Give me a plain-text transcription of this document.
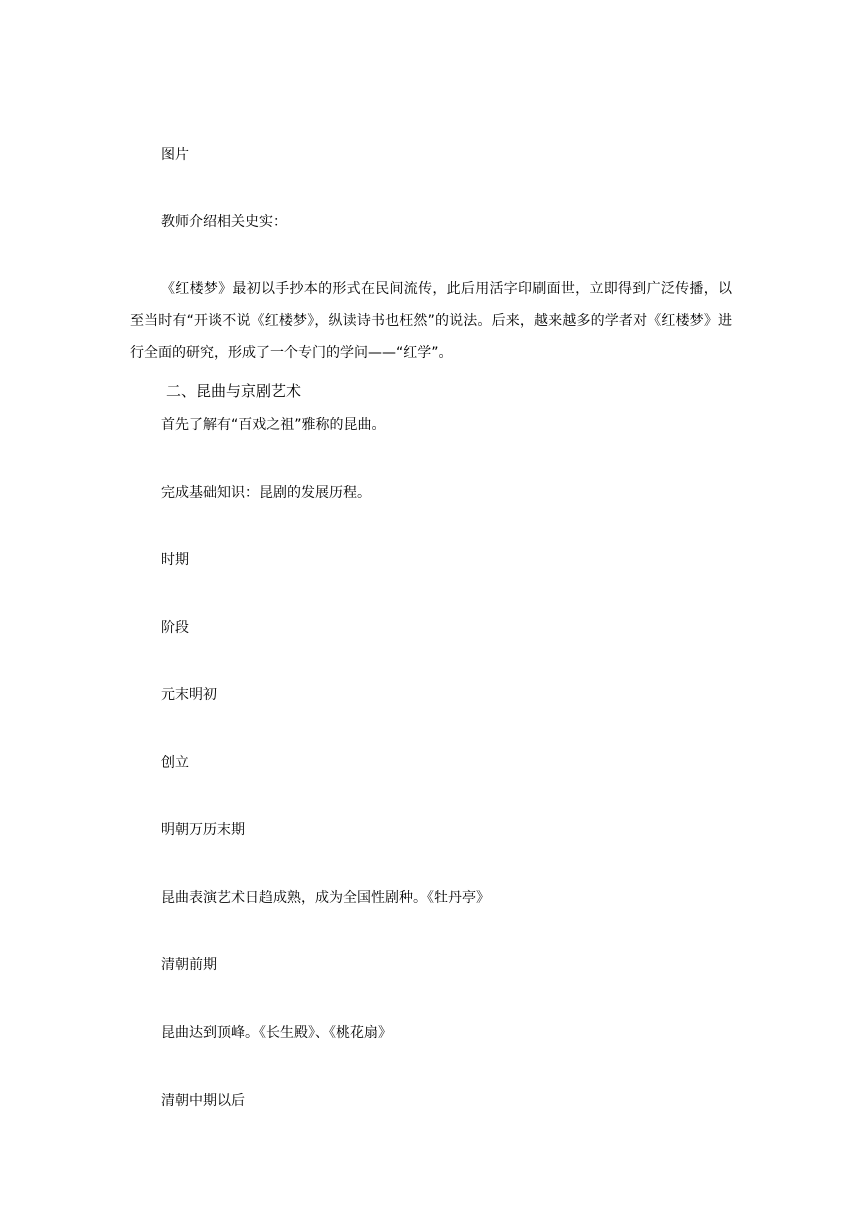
图片
教师介绍相关史实：

《红楼梦》最初以手抄本的形式在民间流传，此后用活字印刷面世，立即得到广泛传播，以至当时有“开谈不说《红楼梦》，纵读诗书也枉然”的说法。后来，越来越多的学者对《红楼梦》进行全面的研究，形成了一个专门的学问——“红学”。

二、昆曲与京剧艺术
首先了解有“百戏之祖”雅称的昆曲。
完成基础知识：昆剧的发展历程。
时期
阶段
元末明初
创立
明朝万历末期
昆曲表演艺术日趋成熟，成为全国性剧种。《牡丹亭》
清朝前期
昆曲达到顶峰。《长生殿》、《桃花扇》
清朝中期以后
